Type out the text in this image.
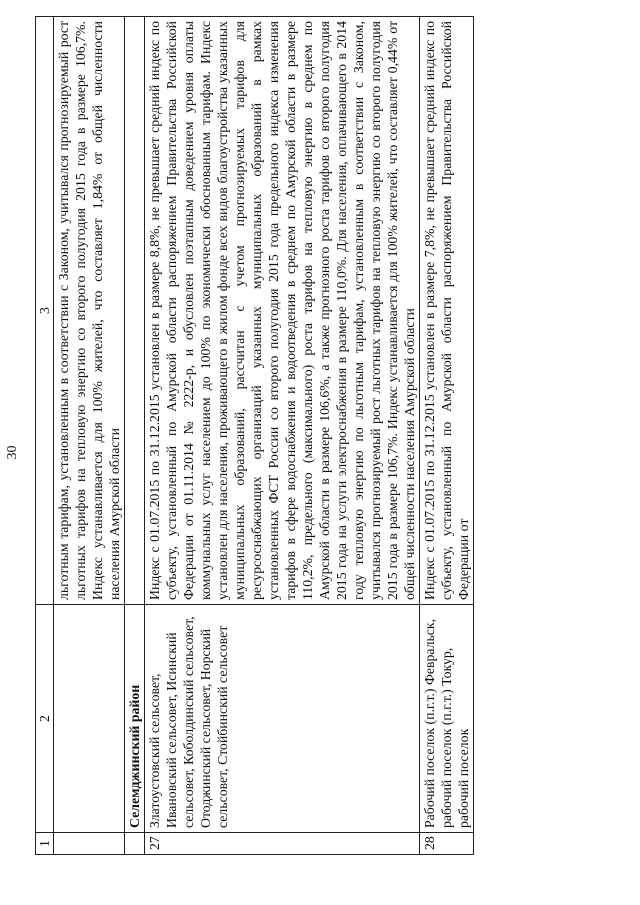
30
1	2	3
		льготным тарифам, установленным в соответствии с Законом, учитывался прогнозируемый рост льготных тарифов на тепловую энергию со второго полугодия 2015 года в размере 106,7%. Индекс устанавливается для 100% жителей, что составляет 1,84% от общей численности населения Амурской области
	Селемджинский район	
27	Златоустовский сельсовет, Ивановский сельсовет, Исинский сельсовет, Коболдинский сельсовет, Отоджинский сельсовет, Норский сельсовет, Стойбинский сельсовет	Индекс с 01.07.2015 по 31.12.2015 установлен в размере 8,8%, не превышает средний индекс по субъекту, установленный по Амурской области распоряжением Правительства Российской Федерации от 01.11.2014 № 2222-р, и обусловлен поэтапным доведением уровня оплаты коммунальных услуг населением до 100% по экономически обоснованным тарифам. Индекс установлен для населения, проживающего в жилом фонде всех видов благоустройства указанных муниципальных образований, рассчитан с учетом прогнозируемых тарифов для ресурсоснабжающих организаций указанных муниципальных образований в рамках установленных ФСТ России со второго полугодия 2015 года предельного индекса изменения тарифов в сфере водоснабжения и водоотведения в среднем по Амурской области в размере 110,2%, предельного (максимального) роста тарифов на тепловую энергию в среднем по Амурской области в размере 106,6%, а также прогнозного роста тарифов со второго полугодия 2015 года на услуги электроснабжения в размере 110,0%. Для населения, оплачивающего в 2014 году тепловую энергию по льготным тарифам, установленным в соответствии с Законом, учитывался прогнозируемый рост льготных тарифов на тепловую энергию со второго полугодия 2015 года в размере 106,7%. Индекс устанавливается для 100% жителей, что составляет 0,44% от общей численности населения Амурской области
28	Рабочий поселок (п.г.т.) Февральск, рабочий поселок (п.г.т.) Токур, рабочий поселок	Индекс с 01.07.2015 по 31.12.2015 установлен в размере 7,8%, не превышает средний индекс по субъекту, установленный по Амурской области распоряжением Правительства Российской Федерации от
